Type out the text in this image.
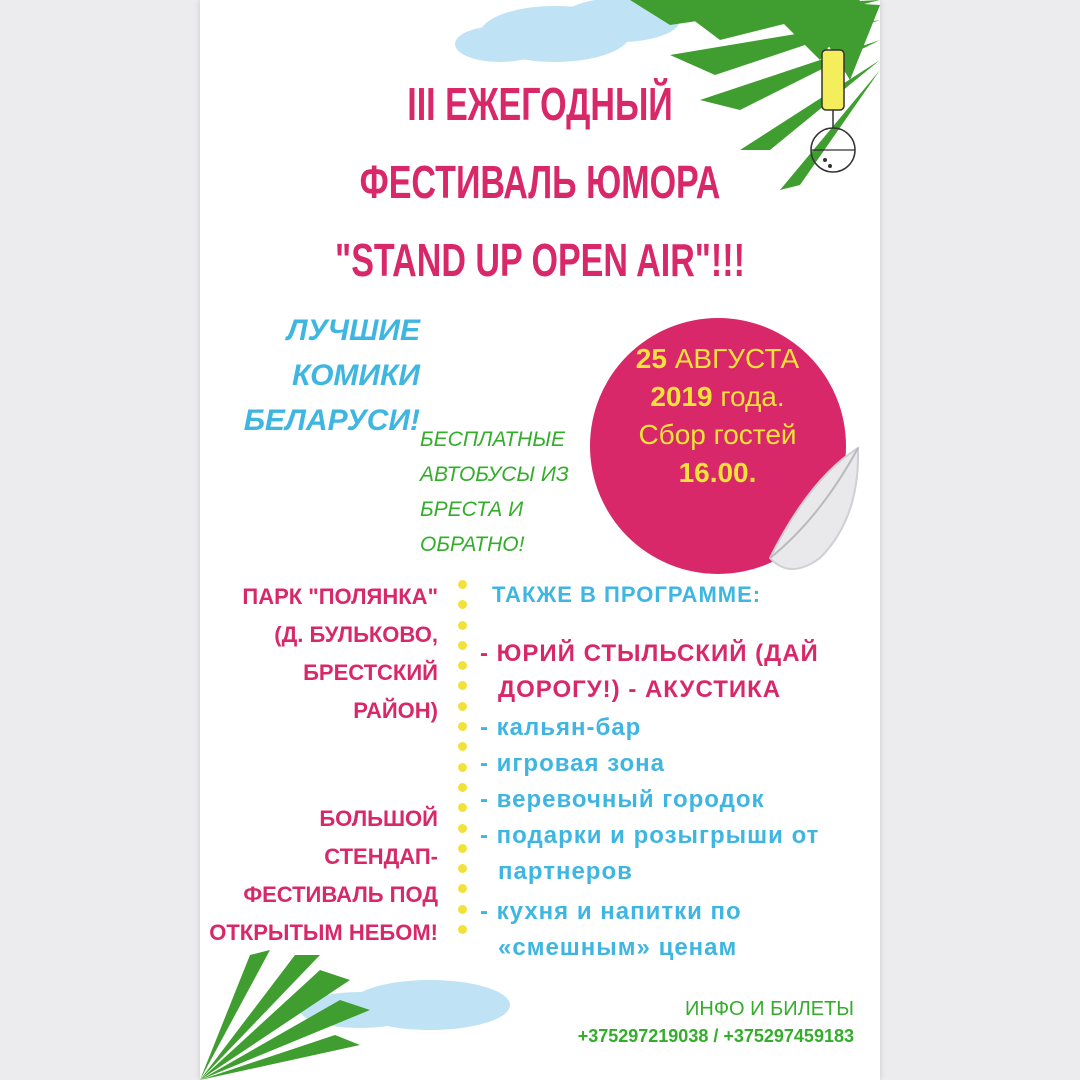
III ЕЖЕГОДНЫЙ
ФЕСТИВАЛЬ ЮМОРА
"STAND UP OPEN AIR"!!!
ЛУЧШИЕ
КОМИКИ
БЕЛАРУСИ!
БЕСПЛАТНЫЕ
АВТОБУСЫ ИЗ
БРЕСТА И
ОБРАТНО!
25 АВГУСТА
2019 года.
Сбор гостей
16.00.
ПАРК "ПОЛЯНКА"
(Д. БУЛЬКОВО,
БРЕСТСКИЙ
РАЙОН)
БОЛЬШОЙ
СТЕНДАП-
ФЕСТИВАЛЬ ПОД
ОТКРЫТЫМ НЕБОМ!
ТАКЖЕ В ПРОГРАММЕ:
- ЮРИЙ СТЫЛЬСКИЙ (ДАЙ
ДОРОГУ!) - АКУСТИКА
- кальян-бар
- игровая зона
- веревочный городок
- подарки и розыгрыши от
партнеров
- кухня и напитки по
«смешным» ценам
ИНФО И БИЛЕТЫ
+375297219038 / +375297459183
